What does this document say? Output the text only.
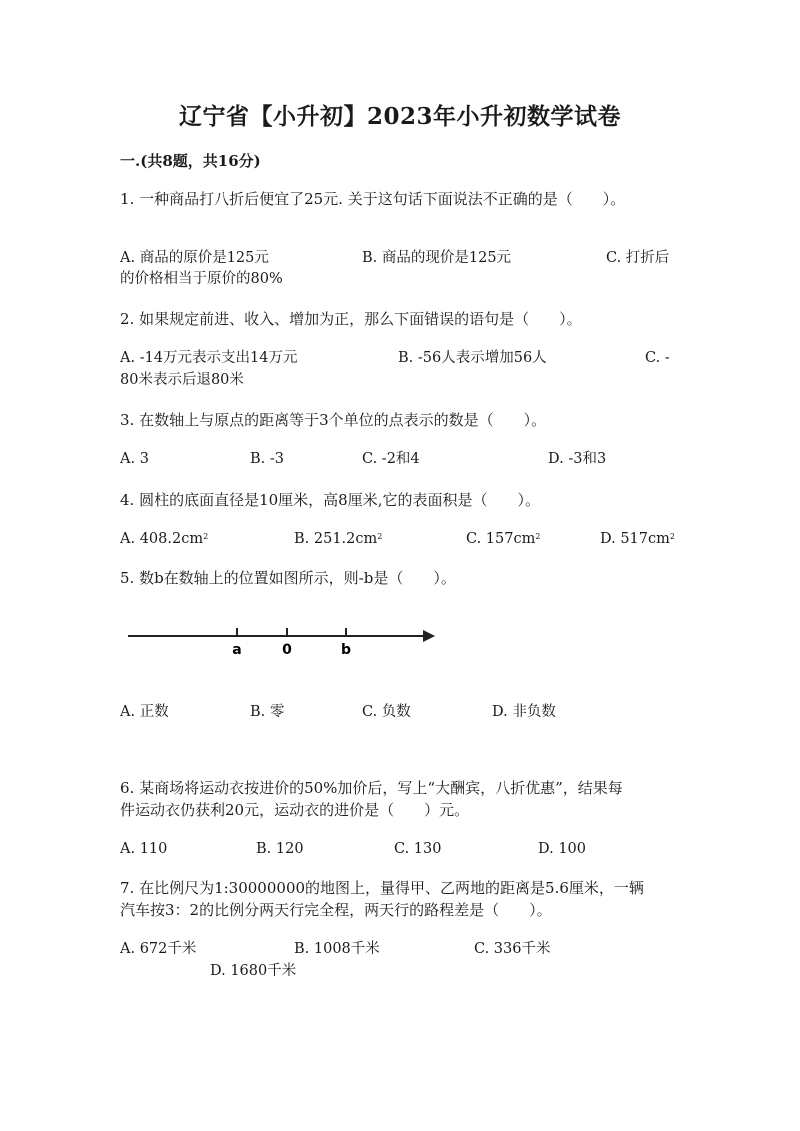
辽宁省【小升初】2023年小升初数学试卷
一.(共8题，共16分)
1. 一种商品打八折后便宜了25元. 关于这句话下面说法不正确的是（　　）。
A. 商品的原价是125元	B. 商品的现价是125元	C. 打折后
的价格相当于原价的80%
2. 如果规定前进、收入、增加为正，那么下面错误的语句是（　　）。
A. -14万元表示支出14万元	B. -56人表示增加56人	C. -
80米表示后退80米
3. 在数轴上与原点的距离等于3个单位的点表示的数是（　　）。
A. 3	B. -3	C. -2和4	D. -3和3
4. 圆柱的底面直径是10厘米，高8厘米,它的表面积是（　　）。
A. $408.2cm^2$	B. $251.2cm^2$	C. $157cm^2$	D. $517cm^2$
5. 数b在数轴上的位置如图所示，则-b是（　　）。
a	0	b
A. 正数	B. 零	C. 负数	D. 非负数
6. 某商场将运动衣按进价的50%加价后，写上“大酬宾，八折优惠”，结果每
件运动衣仍获利20元，运动衣的进价是（　　）元。
A. 110	B. 120	C. 130	D. 100
7. 在比例尺为1:30000000的地图上，量得甲、乙两地的距离是5.6厘米，一辆
汽车按3：2的比例分两天行完全程，两天行的路程差是（　　）。
A. 672千米	B. 1008千米	C. 336千米
D. 1680千米
